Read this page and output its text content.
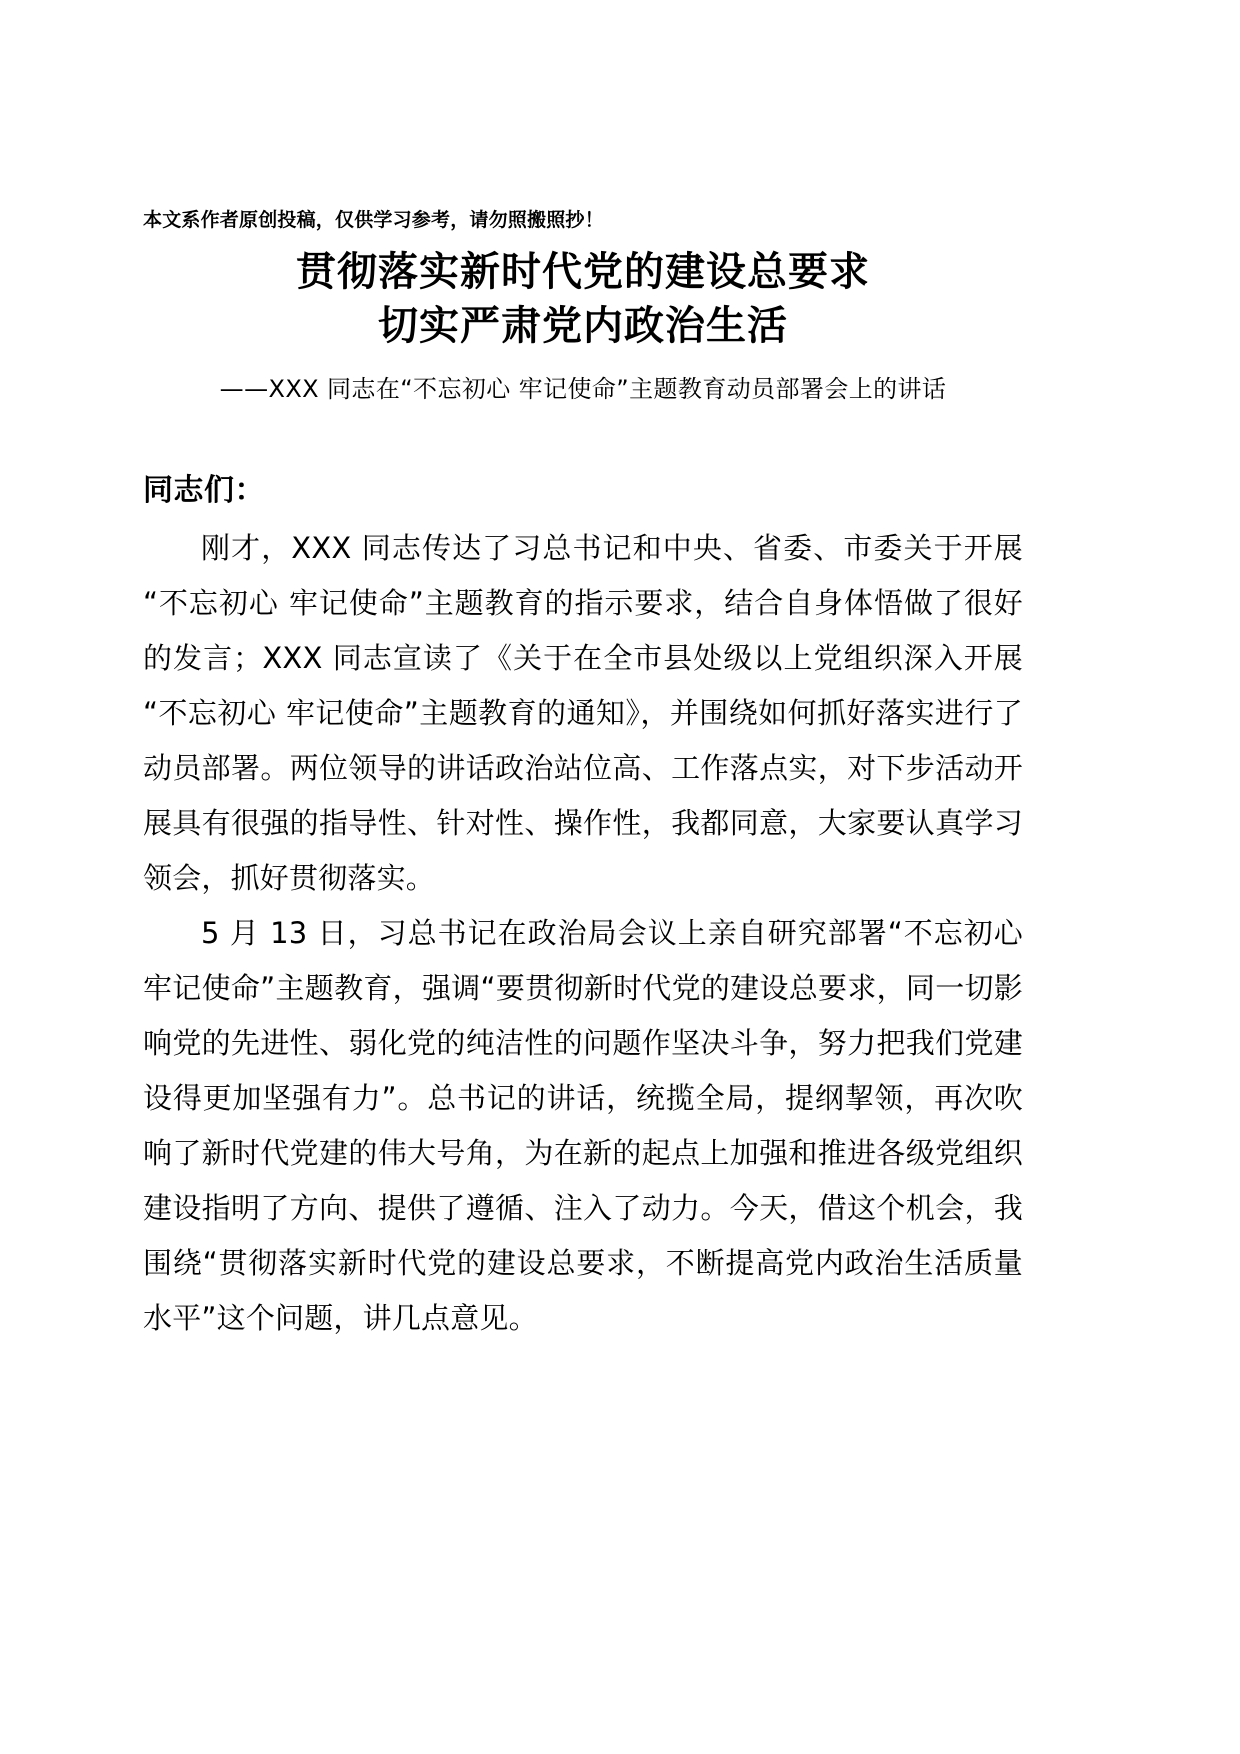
本文系作者原创投稿，仅供学习参考，请勿照搬照抄！
贯彻落实新时代党的建设总要求
切实严肃党内政治生活
——XXX 同志在“不忘初心 牢记使命”主题教育动员部署会上的讲话
同志们：

刚才，XXX 同志传达了习总书记和中央、省委、市委关于开展“不忘初心 牢记使命”主题教育的指示要求，结合自身体悟做了很好的发言；XXX 同志宣读了《关于在全市县处级以上党组织深入开展“不忘初心 牢记使命”主题教育的通知》，并围绕如何抓好落实进行了动员部署。两位领导的讲话政治站位高、工作落点实，对下步活动开展具有很强的指导性、针对性、操作性，我都同意，大家要认真学习领会，抓好贯彻落实。

5 月 13 日，习总书记在政治局会议上亲自研究部署“不忘初心 牢记使命”主题教育，强调“要贯彻新时代党的建设总要求，同一切影响党的先进性、弱化党的纯洁性的问题作坚决斗争，努力把我们党建设得更加坚强有力”。总书记的讲话，统揽全局，提纲挈领，再次吹响了新时代党建的伟大号角，为在新的起点上加强和推进各级党组织建设指明了方向、提供了遵循、注入了动力。今天，借这个机会，我围绕“贯彻落实新时代党的建设总要求，不断提高党内政治生活质量水平”这个问题，讲几点意见。
